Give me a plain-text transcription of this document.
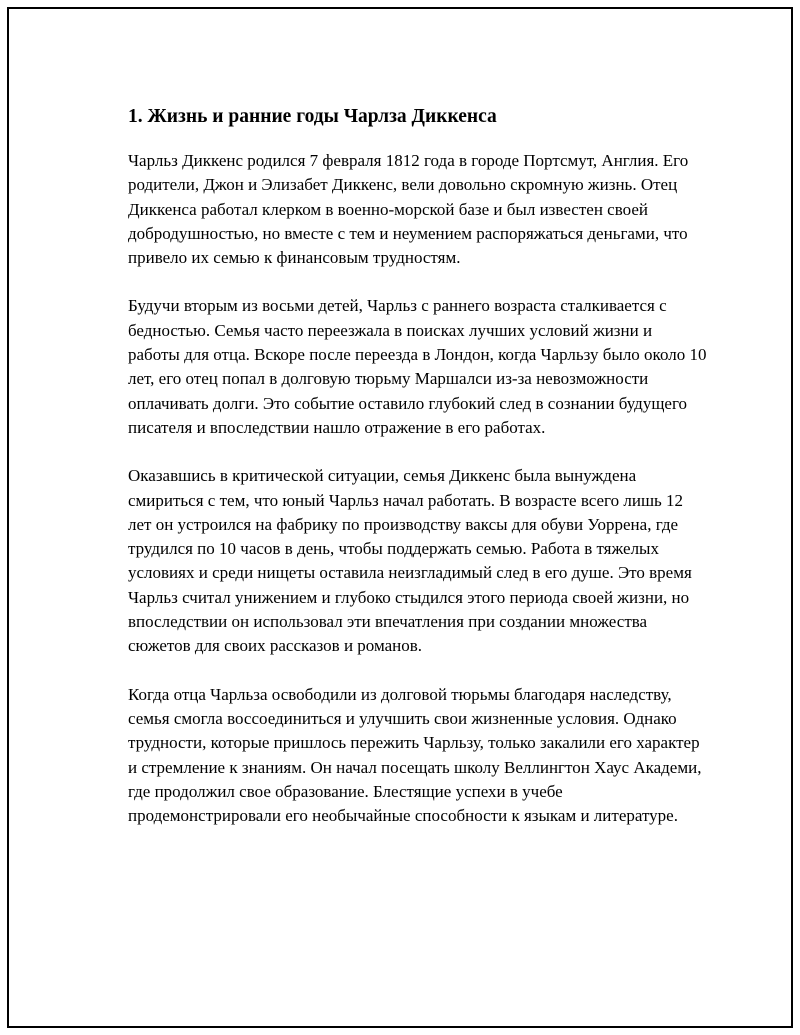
1. Жизнь и ранние годы Чарлза Диккенса

Чарльз Диккенс родился 7 февраля 1812 года в городе Портсмут, Англия. Его родители, Джон и Элизабет Диккенс, вели довольно скромную жизнь. Отец Диккенса работал клерком в военно-морской базе и был известен своей добродушностью, но вместе с тем и неумением распоряжаться деньгами, что привело их семью к финансовым трудностям.

Будучи вторым из восьми детей, Чарльз с раннего возраста сталкивается с бедностью. Семья часто переезжала в поисках лучших условий жизни и работы для отца. Вскоре после переезда в Лондон, когда Чарльзу было около 10 лет, его отец попал в долговую тюрьму Маршалси из-за невозможности оплачивать долги. Это событие оставило глубокий след в сознании будущего писателя и впоследствии нашло отражение в его работах.

Оказавшись в критической ситуации, семья Диккенс была вынуждена смириться с тем, что юный Чарльз начал работать. В возрасте всего лишь 12 лет он устроился на фабрику по производству ваксы для обуви Уоррена, где трудился по 10 часов в день, чтобы поддержать семью. Работа в тяжелых условиях и среди нищеты оставила неизгладимый след в его душе. Это время Чарльз считал унижением и глубоко стыдился этого периода своей жизни, но впоследствии он использовал эти впечатления при создании множества сюжетов для своих рассказов и романов.

Когда отца Чарльза освободили из долговой тюрьмы благодаря наследству, семья смогла воссоединиться и улучшить свои жизненные условия. Однако трудности, которые пришлось пережить Чарльзу, только закалили его характер и стремление к знаниям. Он начал посещать школу Веллингтон Хаус Академи, где продолжил свое образование. Блестящие успехи в учебе продемонстрировали его необычайные способности к языкам и литературе.
